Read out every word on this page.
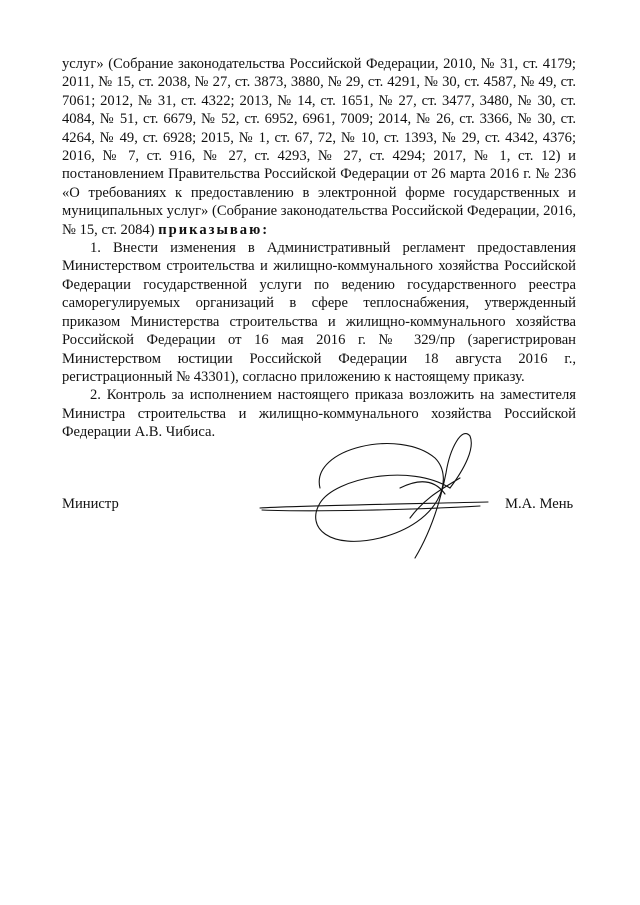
услуг» (Собрание законодательства Российской Федерации, 2010, № 31, ст. 4179; 2011, № 15, ст. 2038, № 27, ст. 3873, 3880, № 29, ст. 4291, № 30, ст. 4587, № 49, ст. 7061; 2012, № 31, ст. 4322; 2013, № 14, ст. 1651, № 27, ст. 3477, 3480, № 30, ст. 4084, № 51, ст. 6679, № 52, ст. 6952, 6961, 7009; 2014, № 26, ст. 3366, № 30, ст. 4264, № 49, ст. 6928; 2015, № 1, ст. 67, 72, № 10, ст. 1393, № 29, ст. 4342, 4376; 2016, № 7, ст. 916, № 27, ст. 4293, № 27, ст. 4294; 2017, № 1, ст. 12) и постановлением Правительства Российской Федерации от 26 марта 2016 г. № 236 «О требованиях к предоставлению в электронной форме государственных и муниципальных услуг» (Собрание законодательства Российской Федерации, 2016, № 15, ст. 2084) приказываю:

1. Внести изменения в Административный регламент предоставления Министерством строительства и жилищно-коммунального хозяйства Российской Федерации государственной услуги по ведению государственного реестра саморегулируемых организаций в сфере теплоснабжения, утвержденный приказом Министерства строительства и жилищно-коммунального хозяйства Российской Федерации от 16 мая 2016 г. № 329/пр (зарегистрирован Министерством юстиции Российской Федерации 18 августа 2016 г., регистрационный № 43301), согласно приложению к настоящему приказу.

2. Контроль за исполнением настоящего приказа возложить на заместителя Министра строительства и жилищно-коммунального хозяйства Российской Федерации А.В. Чибиса.

Министр	М.А. Мень
